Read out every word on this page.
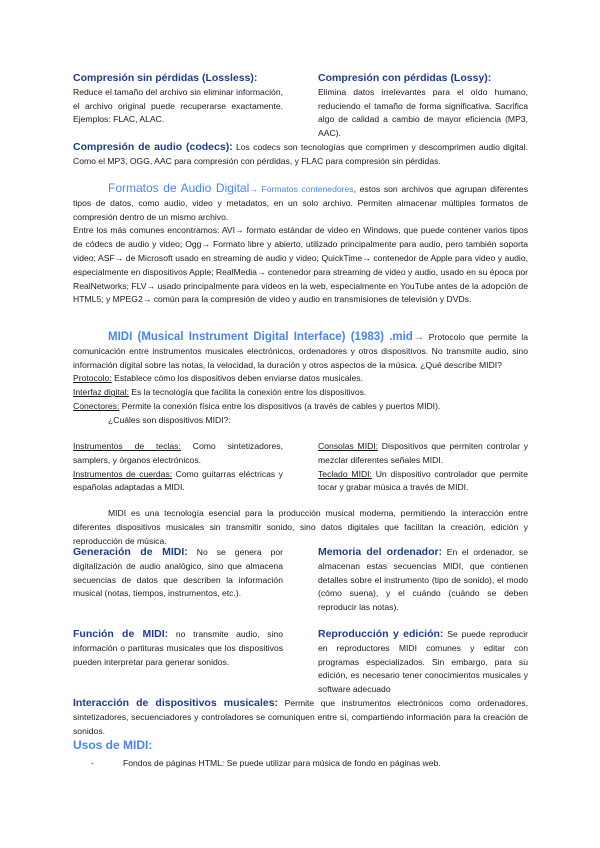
Compresión sin pérdidas (Lossless):

Reduce el tamaño del archivo sin eliminar información, el archivo original puede recuperarse exactamente. Ejemplos: FLAC, ALAC.

Compresión con pérdidas (Lossy):

Elimina datos irrelevantes para el oído humano, reduciendo el tamaño de forma significativa. Sacrifica algo de calidad a cambio de mayor eficiencia (MP3, AAC).

Compresión de audio (codecs): Los codecs son tecnologías que comprimen y descomprimen audio digital. Como el MP3, OGG, AAC para compresión con pérdidas, y FLAC para compresión sin pérdidas.

Formatos de Audio Digital→ Formatos contenedores, estos son archivos que agrupan diferentes tipos de datos, como audio, video y metadatos, en un solo archivo. Permiten almacenar múltiples formatos de compresión dentro de un mismo archivo.

Entre los más comunes encontramos: AVI→ formato estándar de video en Windows, que puede contener varios tipos de códecs de audio y video; Ogg→ Formato libre y abierto, utilizado principalmente para audio, pero también soporta video; ASF→ de Microsoft usado en streaming de audio y video; QuickTime→ contenedor de Apple para video y audio, especialmente en dispositivos Apple; RealMedia→ contenedor para streaming de video y audio, usado en su época por RealNetworks; FLV→ usado principalmente para videos en la web, especialmente en YouTube antes de la adopción de HTML5; y MPEG2→ común para la compresión de video y audio en transmisiones de televisión y DVDs.

MIDI (Musical Instrument Digital Interface) (1983) .mid→ Protocolo que permite la comunicación entre instrumentos musicales electrónicos, ordenadores y otros dispositivos. No transmite audio, sino información digital sobre las notas, la velocidad, la duración y otros aspectos de la música. ¿Qué describe MIDI?

Protocolo: Establece cómo los dispositivos deben enviarse datos musicales.

Interfaz digital: Es la tecnología que facilita la conexión entre los dispositivos.

Conectores: Permite la conexión física entre los dispositivos (a través de cables y puertos MIDI).

¿Cuáles son dispositivos MIDI?:

Instrumentos de teclas: Como sintetizadores, samplers, y órganos electrónicos.

Instrumentos de cuerdas: Como guitarras eléctricas y españolas adaptadas a MIDI.

Consolas MIDI: Dispositivos que permiten controlar y mezclar diferentes señales MIDI.

Teclado MIDI: Un dispositivo controlador que permite tocar y grabar música a través de MIDI.

MIDI es una tecnología esencial para la producción musical moderna, permitiendo la interacción entre diferentes dispositivos musicales sin transmitir sonido, sino datos digitales que facilitan la creación, edición y reproducción de música.

Generación de MIDI: No se genera por digitalización de audio analógico, sino que almacena secuencias de datos que describen la información musical (notas, tiempos, instrumentos, etc.).

Memoria del ordenador: En el ordenador, se almacenan estas secuencias MIDI, que contienen detalles sobre el instrumento (tipo de sonido), el modo (cómo suena), y el cuándo (cuándo se deben reproducir las notas).

Función de MIDI: no transmite audio, sino información o partituras musicales que los dispositivos pueden interpretar para generar sonidos.

Reproducción y edición: Se puede reproducir en reproductores MIDI comunes y editar con programas especializados. Sin embargo, para su edición, es necesario tener conocimientos musicales y software adecuado

Interacción de dispositivos musicales: Permite que instrumentos electrónicos como ordenadores, sintetizadores, secuenciadores y controladores se comuniquen entre sí, compartiendo información para la creación de sonidos.

Usos de MIDI:

-	Fondos de páginas HTML: Se puede utilizar para música de fondo en páginas web.
